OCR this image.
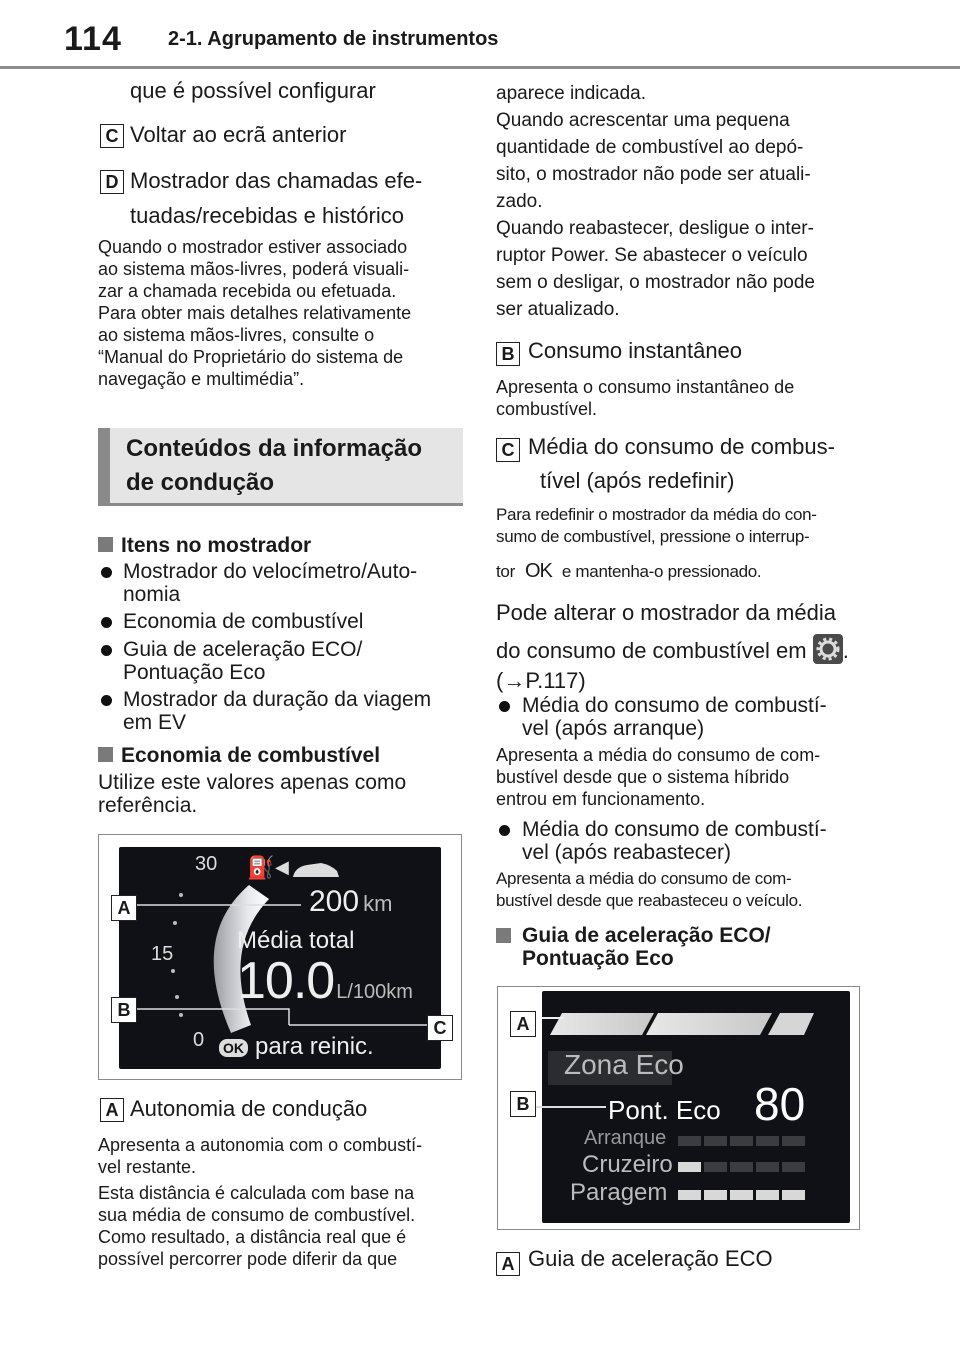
114 2-1. Agrupamento de instrumentos
que é possível configurar
C Voltar ao ecrã anterior
D Mostrador das chamadas efe-
tuadas/recebidas e histórico
Quando o mostrador estiver associado
ao sistema mãos-livres, poderá visuali-
zar a chamada recebida ou efetuada.
Para obter mais detalhes relativamente
ao sistema mãos-livres, consulte o
“Manual do Proprietário do sistema de
navegação e multimédia”.
Conteúdos da informação
de condução
Itens no mostrador
Mostrador do velocímetro/Auto-
nomia
Economia de combustível
Guia de aceleração ECO/
Pontuação Eco
Mostrador da duração da viagem
em EV
Economia de combustível
Utilize este valores apenas como
referência.
30
15
0
⛽ ◀
200 km
Média total
10.0 L/100km
OK para reinic.
A
B
C
A Autonomia de condução
Apresenta a autonomia com o combustí-
vel restante.
Esta distância é calculada com base na
sua média de consumo de combustível.
Como resultado, a distância real que é
possível percorrer pode diferir da que
aparece indicada.
Quando acrescentar uma pequena
quantidade de combustível ao depó-
sito, o mostrador não pode ser atuali-
zado.
Quando reabastecer, desligue o inter-
ruptor Power. Se abastecer o veículo
sem o desligar, o mostrador não pode
ser atualizado.
B Consumo instantâneo
Apresenta o consumo instantâneo de
combustível.
C Média do consumo de combus-
tível (após redefinir)
Para redefinir o mostrador da média do con-
sumo de combustível, pressione o interrup-
tor OK e mantenha-o pressionado.
Pode alterar o mostrador da média
do consumo de combustível em .
(→P.117)
Média do consumo de combustí-
vel (após arranque)
Apresenta a média do consumo de com-
bustível desde que o sistema híbrido
entrou em funcionamento.
Média do consumo de combustí-
vel (após reabastecer)
Apresenta a média do consumo de com-
bustível desde que reabasteceu o veículo.
Guia de aceleração ECO/
Pontuação Eco
Zona Eco
Pont. Eco 80
Arranque
Cruzeiro
Paragem
A
B
A Guia de aceleração ECO
